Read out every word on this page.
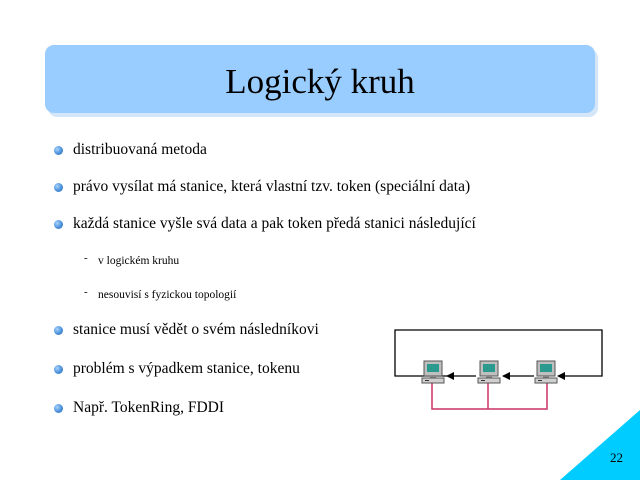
Logický kruh
distribuovaná metoda
právo vysílat má stanice, která vlastní tzv. token (speciální data)
každá stanice vyšle svá data a pak token předá stanici následující
- v logickém kruhu
- nesouvisí s fyzickou topologií
stanice musí vědět o svém následníkovi
problém s výpadkem stanice, tokenu
Např. TokenRing, FDDI
22
